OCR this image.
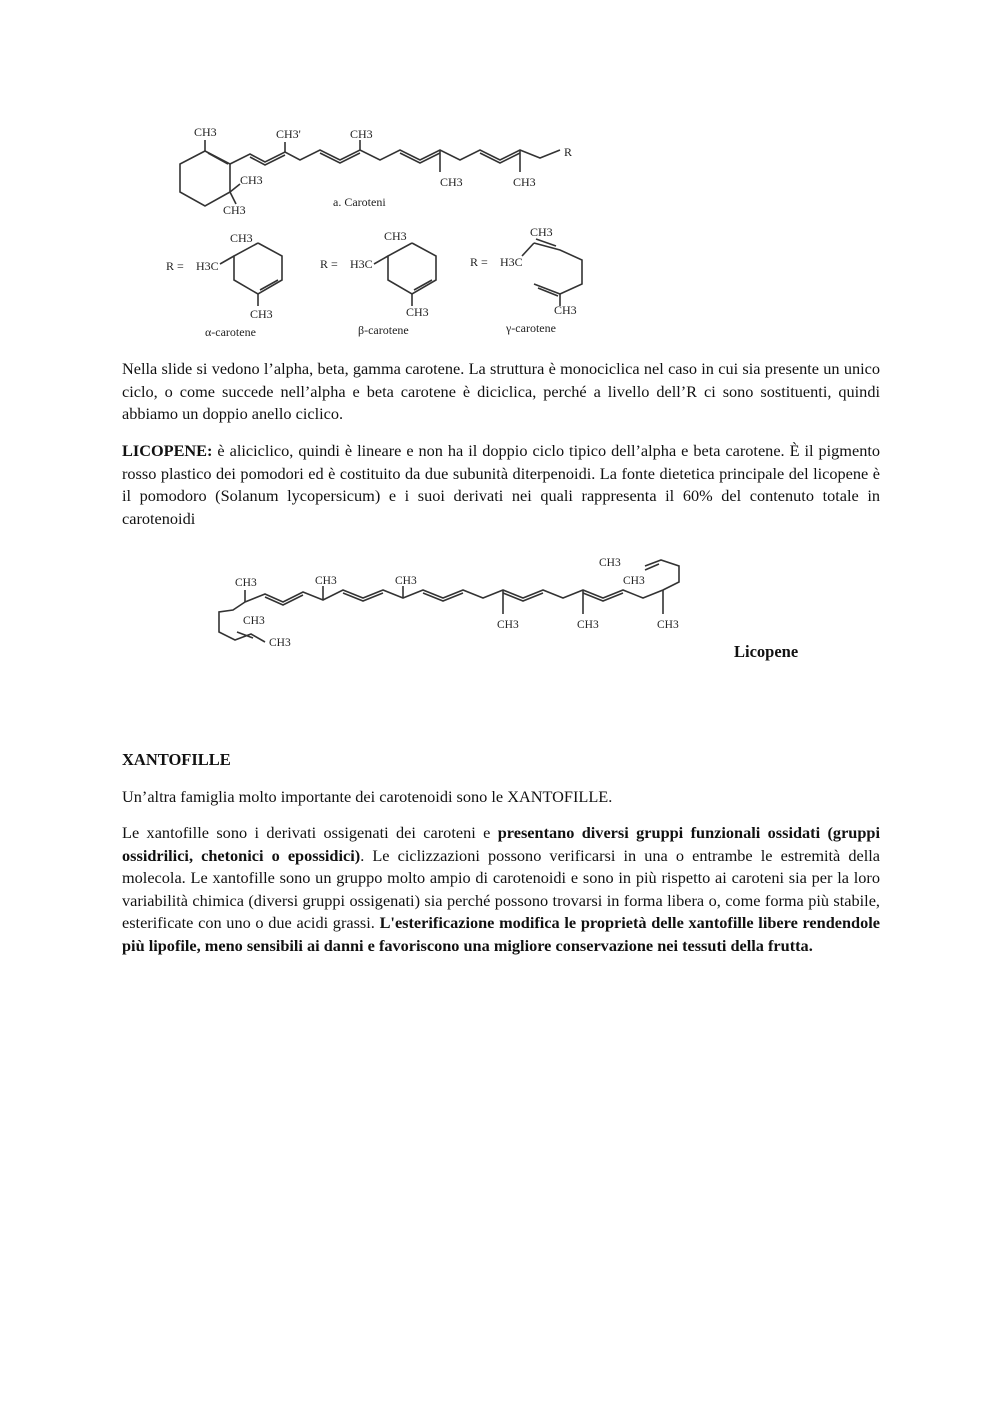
CH3	CH3'	CH3
CH3	CH3
CH3
CH3
R
a. Caroteni
R = H3C
CH3
CH3
α-carotene
R = H3C
CH3
CH3
β-carotene
R = H3C
CH3
CH3
γ-carotene

Nella slide si vedono l’alpha, beta, gamma carotene. La struttura è monociclica nel caso in cui sia presente un unico ciclo, o come succede nell’alpha e beta carotene è diciclica, perché a livello dell’R ci sono sostituenti, quindi abbiamo un doppio anello ciclico.

LICOPENE: è aliciclico, quindi è lineare e non ha il doppio ciclo tipico dell’alpha e beta carotene. È il pigmento rosso plastico dei pomodori ed è costituito da due subunità diterpenoidi. La fonte dietetica principale del licopene è il pomodoro (Solanum lycopersicum) e i suoi derivati nei quali rappresenta il 60% del contenuto totale in carotenoidi

CH3	CH3	CH3
CH3	CH3	CH3
CH3
CH3
CH3
CH3
Licopene
XANTOFILLE

Un’altra famiglia molto importante dei carotenoidi sono le XANTOFILLE.

Le xantofille sono i derivati ossigenati dei caroteni e presentano diversi gruppi funzionali ossidati (gruppi ossidrilici, chetonici o epossidici). Le ciclizzazioni possono verificarsi in una o entrambe le estremità della molecola. Le xantofille sono un gruppo molto ampio di carotenoidi e sono in più rispetto ai caroteni sia per la loro variabilità chimica (diversi gruppi ossigenati) sia perché possono trovarsi in forma libera o, come forma più stabile, esterificate con uno o due acidi grassi. L'esterificazione modifica le proprietà delle xantofille libere rendendole più lipofile, meno sensibili ai danni e favoriscono una migliore conservazione nei tessuti della frutta.
